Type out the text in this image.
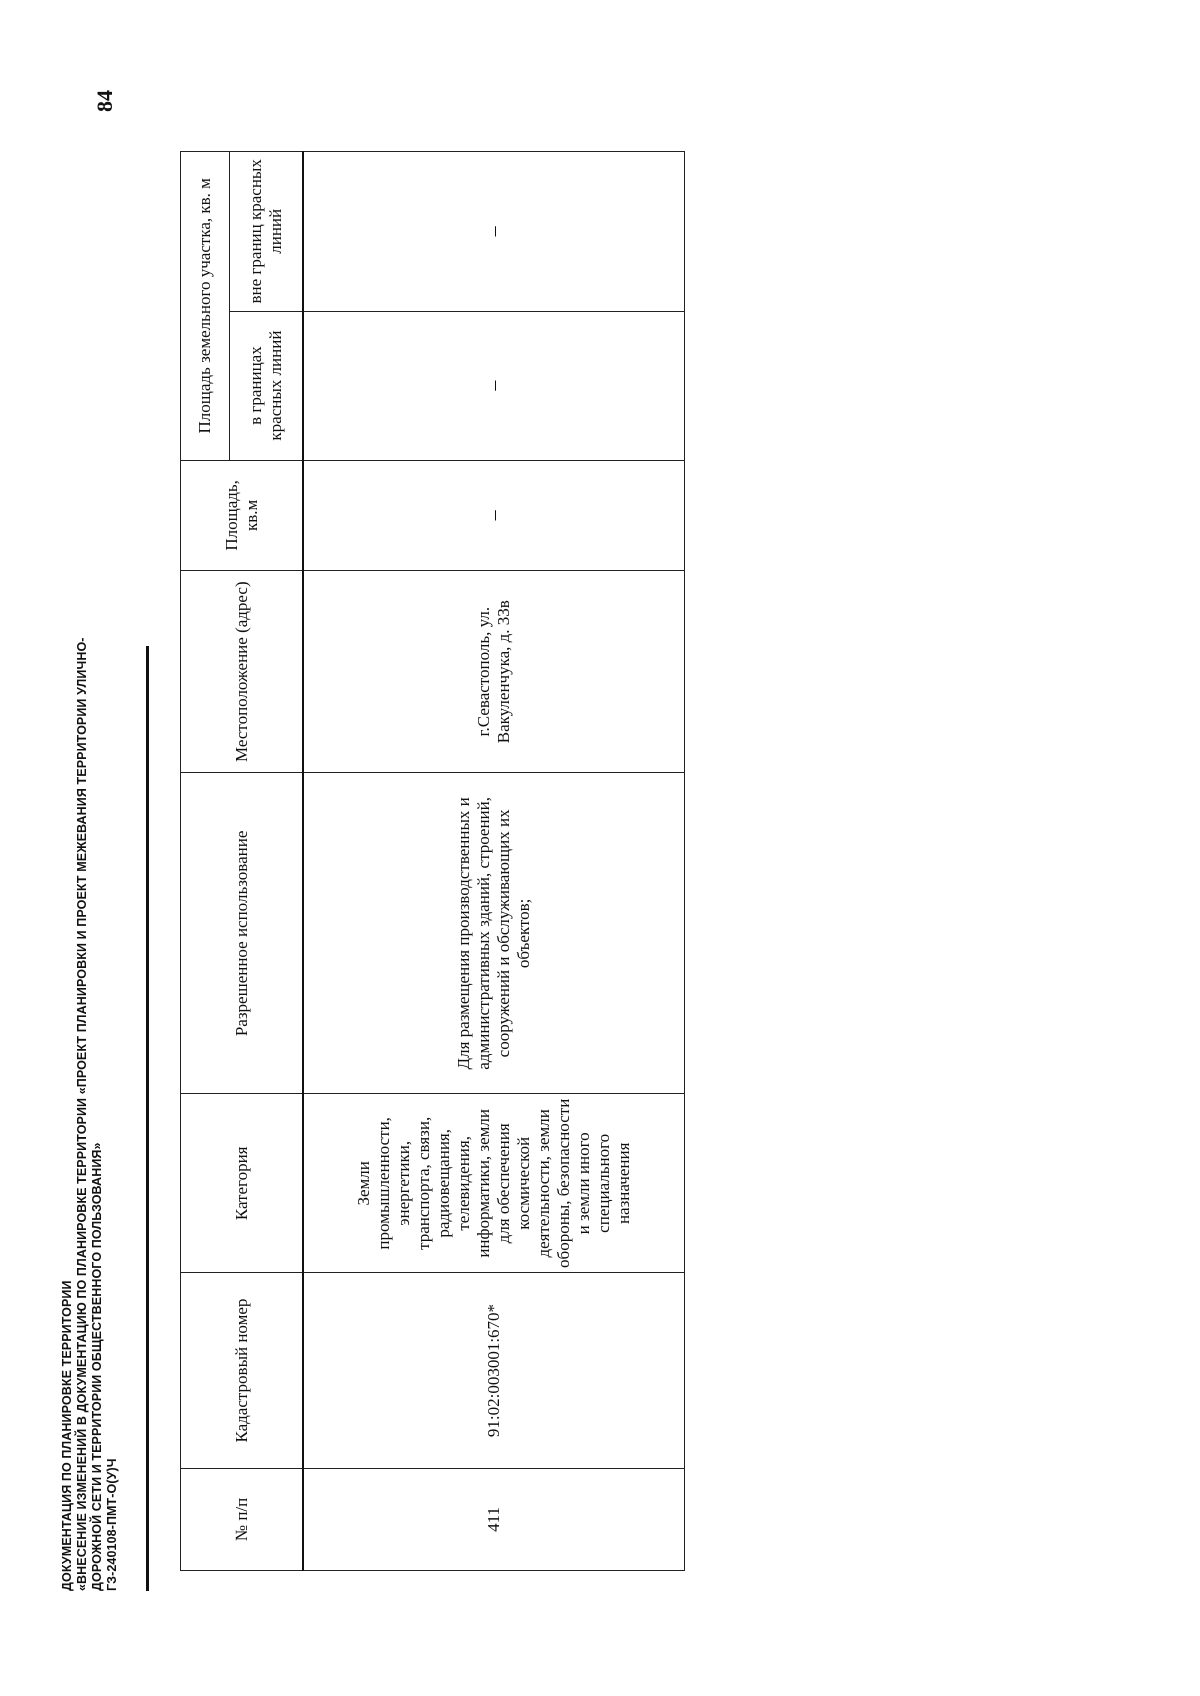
ДОКУМЕНТАЦИЯ ПО ПЛАНИРОВКЕ ТЕРРИТОРИИ «ВНЕСЕНИЕ ИЗМЕНЕНИЙ В ДОКУМЕНТАЦИЮ ПО ПЛАНИРОВКЕ ТЕРРИТОРИИ «ПРОЕКТ ПЛАНИРОВКИ И ПРОЕКТ МЕЖЕВАНИЯ ТЕРРИТОРИИ УЛИЧНО- ДОРОЖНОЙ СЕТИ И ТЕРРИТОРИИ ОБЩЕСТВЕННОГО ПОЛЬЗОВАНИЯ» ГЗ-240108-ПМТ-О(У)Ч
84
№ п/п	Кадастровый номер	Категория	Разрешенное использование	Местоположение (адрес)	Площадь, кв.м	Площадь земельного участка, кв. м	
						в границах красных линий	вне границ красных линий
411	91:02:003001:670*	Земли промышленности, энергетики, транспорта, связи, радиовещания, телевидения, информатики, земли для обеспечения космической деятельности, земли обороны, безопасности и земли иного специального назначения	Для размещения производственных и административных зданий, строений, сооружений и обслуживающих их объектов;	г.Севастополь, ул. Вакуленчука, д. 33в	–	–	–
